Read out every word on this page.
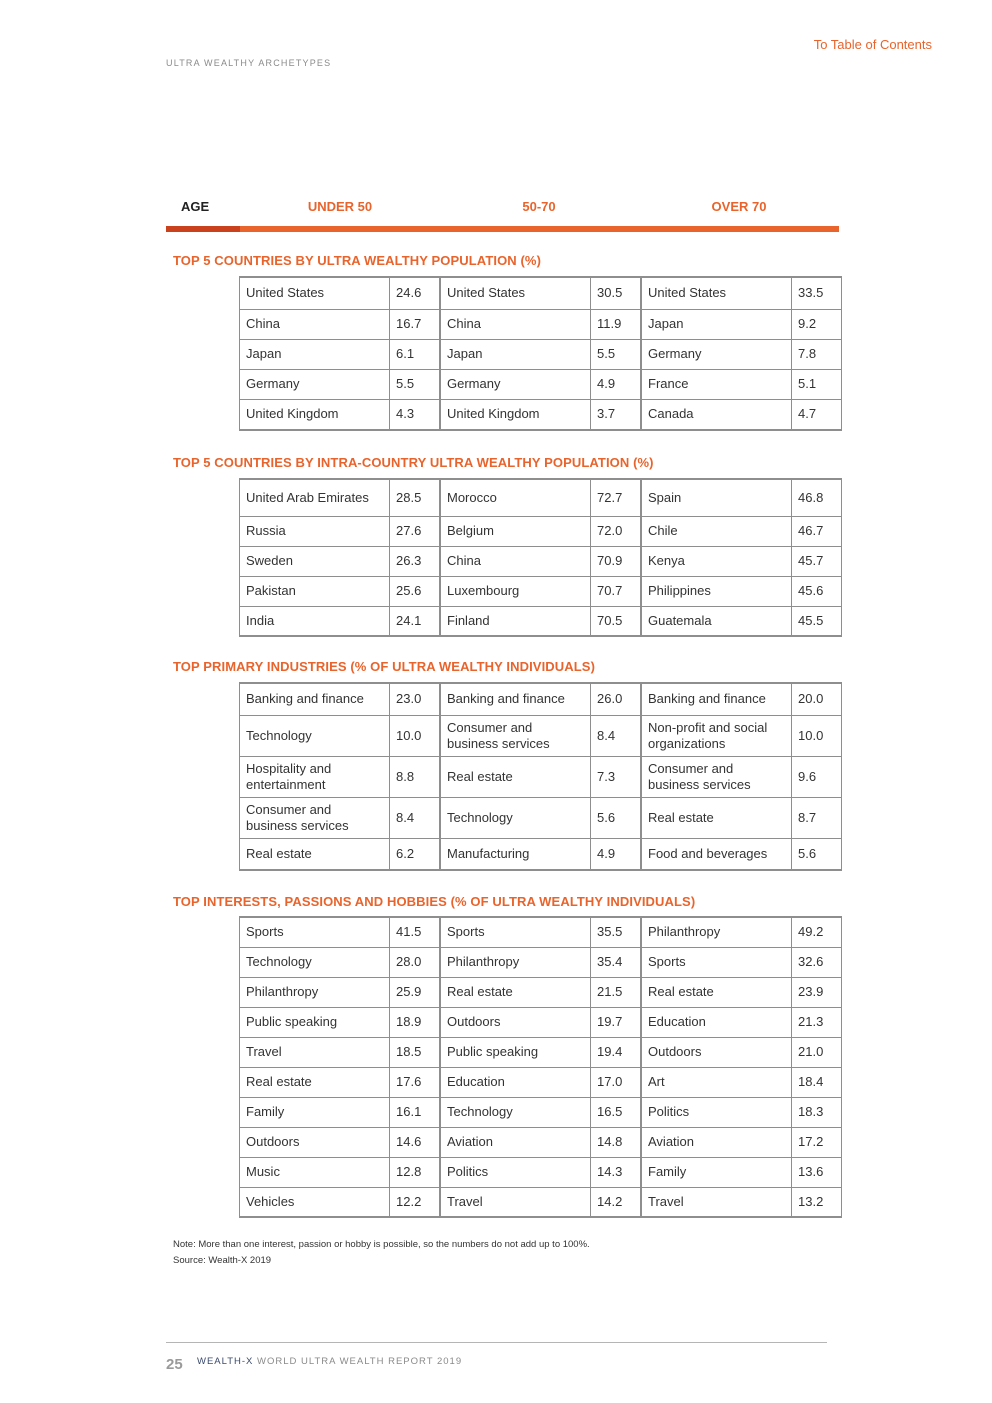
To Table of Contents
ULTRA WEALTHY ARCHETYPES
AGE	UNDER 50	50-70	OVER 70
TOP 5 COUNTRIES BY ULTRA WEALTHY POPULATION (%)
United States	24.6		United States	30.5		United States	33.5
China	16.7		China	11.9		Japan	9.2
Japan	6.1		Japan	5.5		Germany	7.8
Germany	5.5		Germany	4.9		France	5.1
United Kingdom	4.3		United Kingdom	3.7		Canada	4.7
TOP 5 COUNTRIES BY INTRA-COUNTRY ULTRA WEALTHY POPULATION (%)
United Arab Emirates	28.5		Morocco	72.7		Spain	46.8
Russia	27.6		Belgium	72.0		Chile	46.7
Sweden	26.3		China	70.9		Kenya	45.7
Pakistan	25.6		Luxembourg	70.7		Philippines	45.6
India	24.1		Finland	70.5		Guatemala	45.5
TOP PRIMARY INDUSTRIES (% OF ULTRA WEALTHY INDIVIDUALS)
Banking and finance	23.0		Banking and finance	26.0		Banking and finance	20.0
Technology	10.0		Consumer and business services	8.4		Non-profit and social organizations	10.0
Hospitality and entertainment	8.8		Real estate	7.3		Consumer and business services	9.6
Consumer and business services	8.4		Technology	5.6		Real estate	8.7
Real estate	6.2		Manufacturing	4.9		Food and beverages	5.6
TOP INTERESTS, PASSIONS AND HOBBIES (% OF ULTRA WEALTHY INDIVIDUALS)
Sports	41.5		Sports	35.5		Philanthropy	49.2
Technology	28.0		Philanthropy	35.4		Sports	32.6
Philanthropy	25.9		Real estate	21.5		Real estate	23.9
Public speaking	18.9		Outdoors	19.7		Education	21.3
Travel	18.5		Public speaking	19.4		Outdoors	21.0
Real estate	17.6		Education	17.0		Art	18.4
Family	16.1		Technology	16.5		Politics	18.3
Outdoors	14.6		Aviation	14.8		Aviation	17.2
Music	12.8		Politics	14.3		Family	13.6
Vehicles	12.2		Travel	14.2		Travel	13.2
Note: More than one interest, passion or hobby is possible, so the numbers do not add up to 100%.
Source: Wealth-X 2019
25 WEALTH-X WORLD ULTRA WEALTH REPORT 2019
